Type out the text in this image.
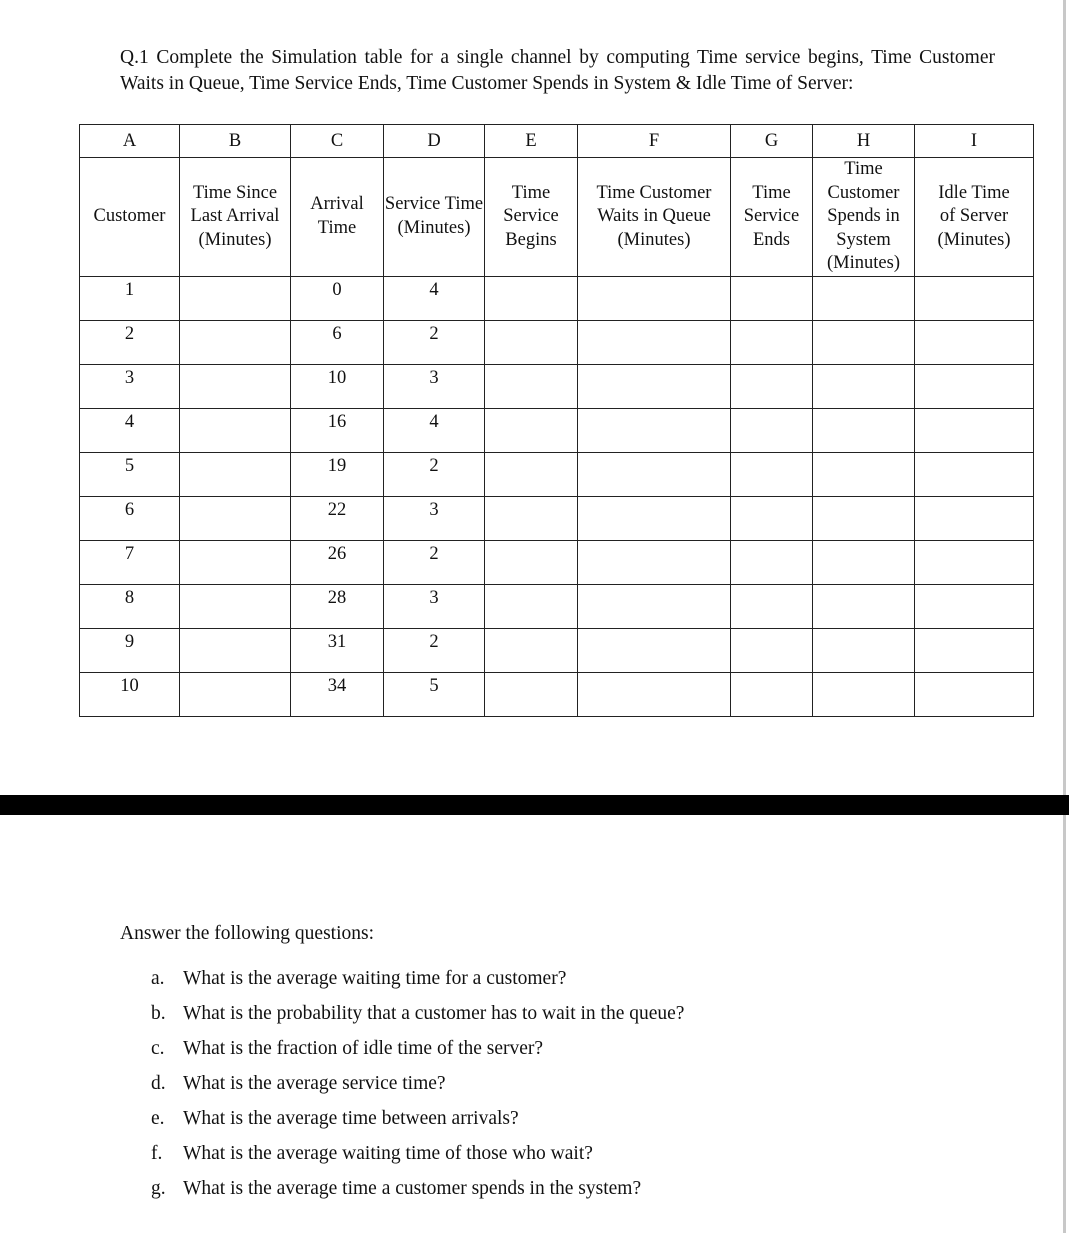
Q.1 Complete the Simulation table for a single channel by computing Time service begins, Time Customer Waits in Queue, Time Service Ends, Time Customer Spends in System & Idle Time of Server:

A	B	C	D	E	F	G	H	I
Customer	Time Since Last Arrival (Minutes)	Arrival Time	Service Time (Minutes)	Time Service Begins	Time Customer Waits in Queue (Minutes)	Time Service Ends	Time Customer Spends in System (Minutes)	Idle Time of Server (Minutes)
1		0	4					
2		6	2					
3		10	3					
4		16	4					
5		19	2					
6		22	3					
7		26	2					
8		28	3					
9		31	2					
10		34	5					
Answer the following questions:
a. What is the average waiting time for a customer?
b. What is the probability that a customer has to wait in the queue?
c. What is the fraction of idle time of the server?
d. What is the average service time?
e. What is the average time between arrivals?
f. What is the average waiting time of those who wait?
g. What is the average time a customer spends in the system?
